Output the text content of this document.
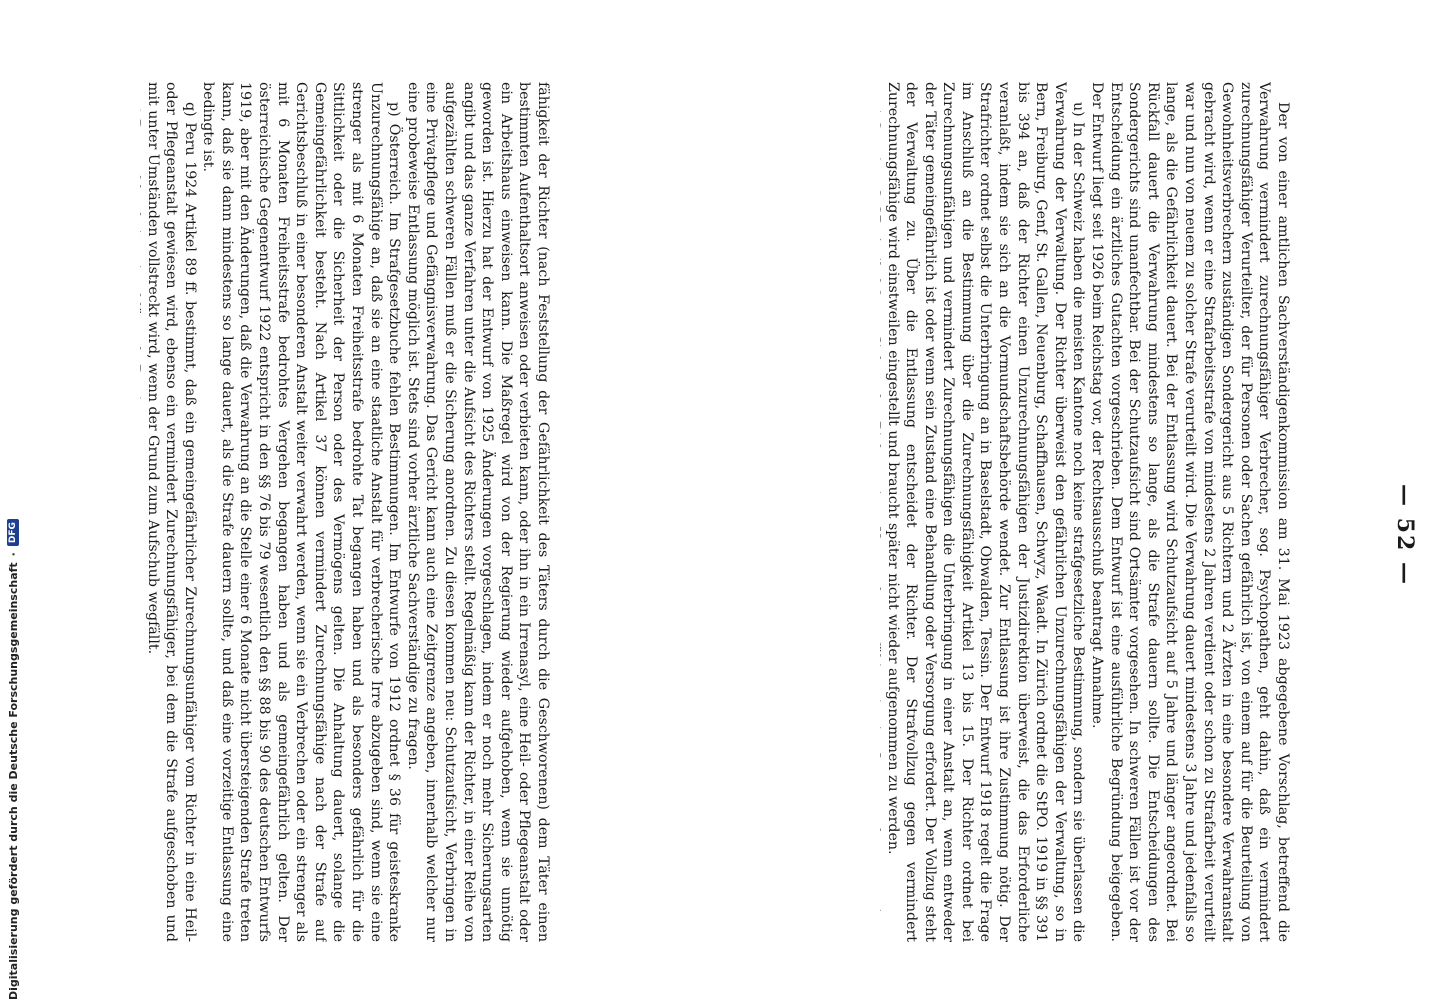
— 52 —

fähigkeit der Richter (nach Feststellung der Gefährlichkeit des Täters durch die Geschworenen) dem Täter einen bestimmten Aufenthaltsort anweisen oder verbieten kann, oder ihn in ein Irrenasyl, eine Heil- oder Pflegeanstalt oder ein Arbeitshaus einweisen kann. Die Maßregel wird von der Regierung wieder aufgehoben, wenn sie unnötig geworden ist. Hierzu hat der Entwurf von 1925 Änderungen vorgeschlagen, indem er noch mehr Sicherungsarten angibt und das ganze Verfahren unter die Aufsicht des Richters stellt. Regelmäßig kann der Richter, in einer Reihe von aufgezählten schweren Fällen muß er die Sicherung anordnen. Zu diesen kommen neu: Schutzaufsicht, Verbringen in eine Privatpflege und Gefängnisverwahrung. Das Gericht kann auch eine Zeitgrenze angeben, innerhalb welcher nur eine probeweise Entlassung möglich ist. Stets sind vorher ärztliche Sachverständige zu fragen.

p) Österreich. Im Strafgesetzbuche fehlen Bestimmungen. Im Entwurfe von 1912 ordnet § 36 für geisteskranke Unzurechnungsfähige an, daß sie an eine staatliche Anstalt für verbrecherische Irre abzugeben sind, wenn sie eine strenger als mit 6 Monaten Freiheitsstrafe bedrohte Tat begangen haben und als besonders gefährlich für die Sittlichkeit oder die Sicherheit der Person oder des Vermögens gelten. Die Anhaltung dauert, solange die Gemeingefährlichkeit besteht. Nach Artikel 37 können vermindert Zurechnungsfähige nach der Strafe auf Gerichtsbeschluß in einer besonderen Anstalt weiter verwahrt werden, wenn sie ein Verbrechen oder ein strenger als mit 6 Monaten Freiheitsstrafe bedrohtes Vergehen begangen haben und als gemeingefährlich gelten. Der österreichische Gegenentwurf 1922 entspricht in den §§ 76 bis 79 wesentlich den §§ 88 bis 90 des deutschen Entwurfs 1919, aber mit den Änderungen, daß die Verwahrung an die Stelle einer 6 Monate nicht übersteigenden Strafe treten kann, daß sie dann mindestens so lange dauert, als die Strafe dauern sollte, und daß eine vorzeitige Entlassung eine bedingte ist.

q) Peru 1924 Artikel 89 ff. bestimmt, daß ein gemeingefährlicher Zurechnungsunfähiger vom Richter in eine Heil- oder Pflegeanstalt gewiesen wird, ebenso ein vermindert Zurechnungsfähiger, bei dem die Strafe aufgeschoben und mit unter Umständen vollstreckt wird, wenn der Grund zum Aufschub wegfällt.	Der von einer amtlichen Sachverständigenkommission am 31. Mai 1923 abgegebene Vorschlag, betreffend die Verwahrung vermindert zurechnungsfähiger Verbrecher, sog. Psychopathen, geht dahin, daß ein vermindert zurechnungsfähiger Verurteilter, der für Personen oder Sachen gefährlich ist, von einem auf für die Beurteilung von Gewohnheitsverbrechern zuständigen Sondergericht aus 5 Richtern und 2 Ärzten in eine besondere Verwahranstalt gebracht wird, wenn er eine Strafarbeitsstrafe von mindestens 2 Jahren verdient oder schon zu Strafarbeit verurteilt war und nun von neuem zu solcher Strafe verurteilt wird. Die Verwahrung dauert mindestens 3 Jahre und jedenfalls so lange, als die Gefährlichkeit dauert. Bei der Entlassung wird Schutzaufsicht auf 5 Jahre und länger angeordnet. Bei Rückfall dauert die Verwahrung mindestens so lange, als die Strafe dauern sollte. Die Entscheidungen des Sondergerichts sind unanfechtbar. Bei der Schutzaufsicht sind Ortsämter vorgesehen. In schweren Fällen ist vor der Entscheidung ein ärztliches Gutachten vorgeschrieben. Dem Entwurf ist eine ausführliche Begründung beigegeben. Der Entwurf liegt seit 1926 beim Reichstag vor, der Rechtsausschuß beantragt Annahme.

u) In der Schweiz haben die meisten Kantone noch keine strafgesetzliche Bestimmung, sondern sie überlassen die Verwahrung der Verwaltung. Der Richter überweist den gefährlichen Unzurechnungsfähigen der Verwaltung, so in Bern, Freiburg, Genf, St. Gallen, Neuenburg, Schaffhausen, Schwyz, Waadt. In Zürich ordnet die StPO. 1919 in §§ 391 bis 394 an, daß der Richter einen Unzurechnungsfähigen der Justizdirektion überweist, die das Erforderliche veranlaßt, indem sie sich an die Vormundschaftsbehörde wendet. Zur Entlassung ist ihre Zustimmung nötig. Der Strafrichter ordnet selbst die Unterbringung an in Baselstadt, Obwalden, Tessin. Der Entwurf 1918 regelt die Frage im Anschluß an die Bestimmung über die Zurechnungsfähigkeit Artikel 13 bis 15. Der Richter ordnet bei Zurechnungsunfähigen und vermindert Zurechnungsfähigen die Unterbringung in einer Anstalt an, wenn entweder der Täter gemeingefährlich ist oder wenn sein Zustand eine Behandlung oder Versorgung erfordert. Der Vollzug steht der Verwaltung zu. Über die Entlassung entscheidet der Richter. Der Strafvollzug gegen vermindert Zurechnungsfähige wird einstweilen eingestellt und braucht später nicht wieder aufgenommen zu werden.

Digitalisierung gefördert durch die Deutsche Forschungsgemeinschaft
·
DFG
